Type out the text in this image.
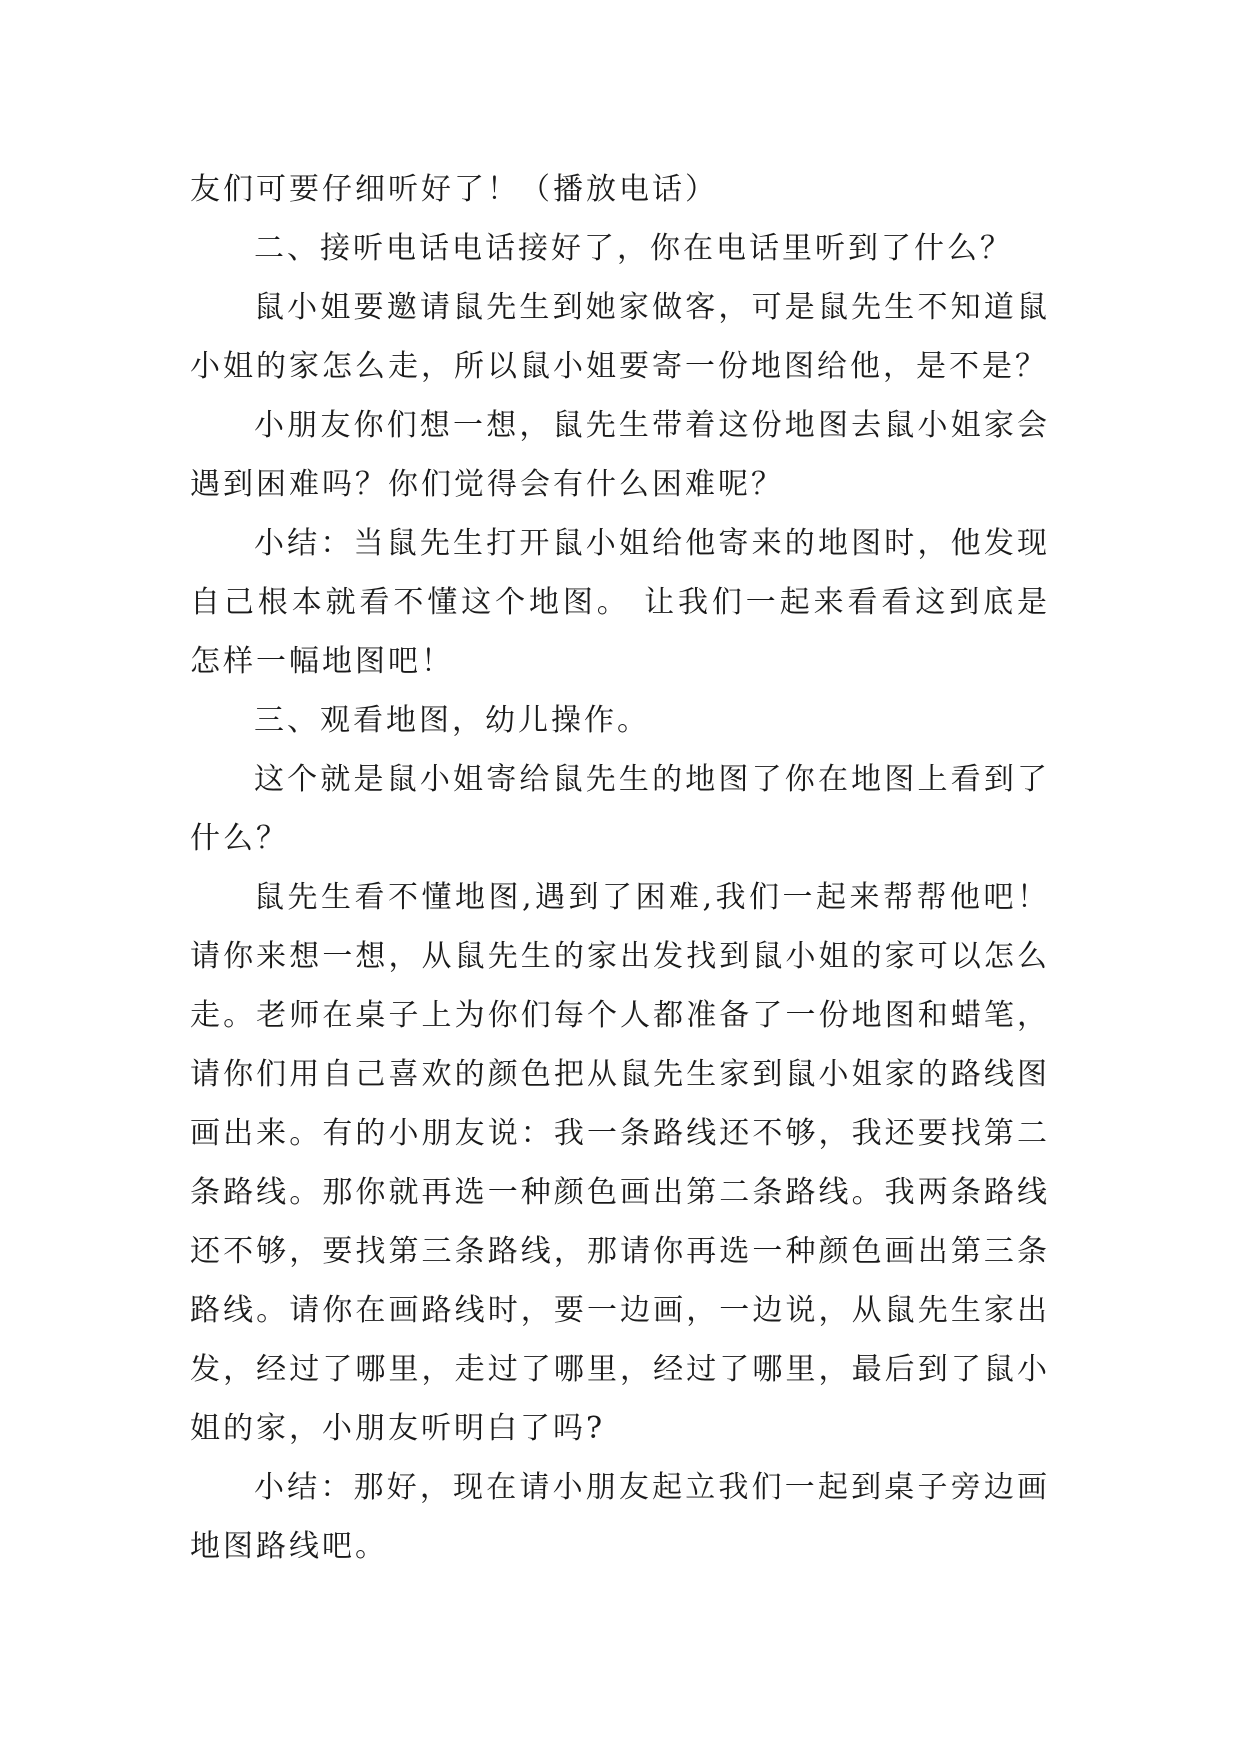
友们可要仔细听好了！（播放电话）

二、接听电话电话接好了，你在电话里听到了什么？

鼠小姐要邀请鼠先生到她家做客，可是鼠先生不知道鼠小姐的家怎么走，所以鼠小姐要寄一份地图给他，是不是？

小朋友你们想一想，鼠先生带着这份地图去鼠小姐家会遇到困难吗？你们觉得会有什么困难呢？

小结：当鼠先生打开鼠小姐给他寄来的地图时，他发现自己根本就看不懂这个地图。 让我们一起来看看这到底是怎样一幅地图吧！

三、观看地图，幼儿操作。

这个就是鼠小姐寄给鼠先生的地图了你在地图上看到了什么？

鼠先生看不懂地图,遇到了困难,我们一起来帮帮他吧！请你来想一想，从鼠先生的家出发找到鼠小姐的家可以怎么走。老师在桌子上为你们每个人都准备了一份地图和蜡笔，请你们用自己喜欢的颜色把从鼠先生家到鼠小姐家的路线图画出来。有的小朋友说：我一条路线还不够，我还要找第二条路线。那你就再选一种颜色画出第二条路线。我两条路线还不够，要找第三条路线，那请你再选一种颜色画出第三条路线。请你在画路线时，要一边画，一边说，从鼠先生家出发，经过了哪里，走过了哪里，经过了哪里，最后到了鼠小姐的家，小朋友听明白了吗?

小结：那好，现在请小朋友起立我们一起到桌子旁边画地图路线吧。
